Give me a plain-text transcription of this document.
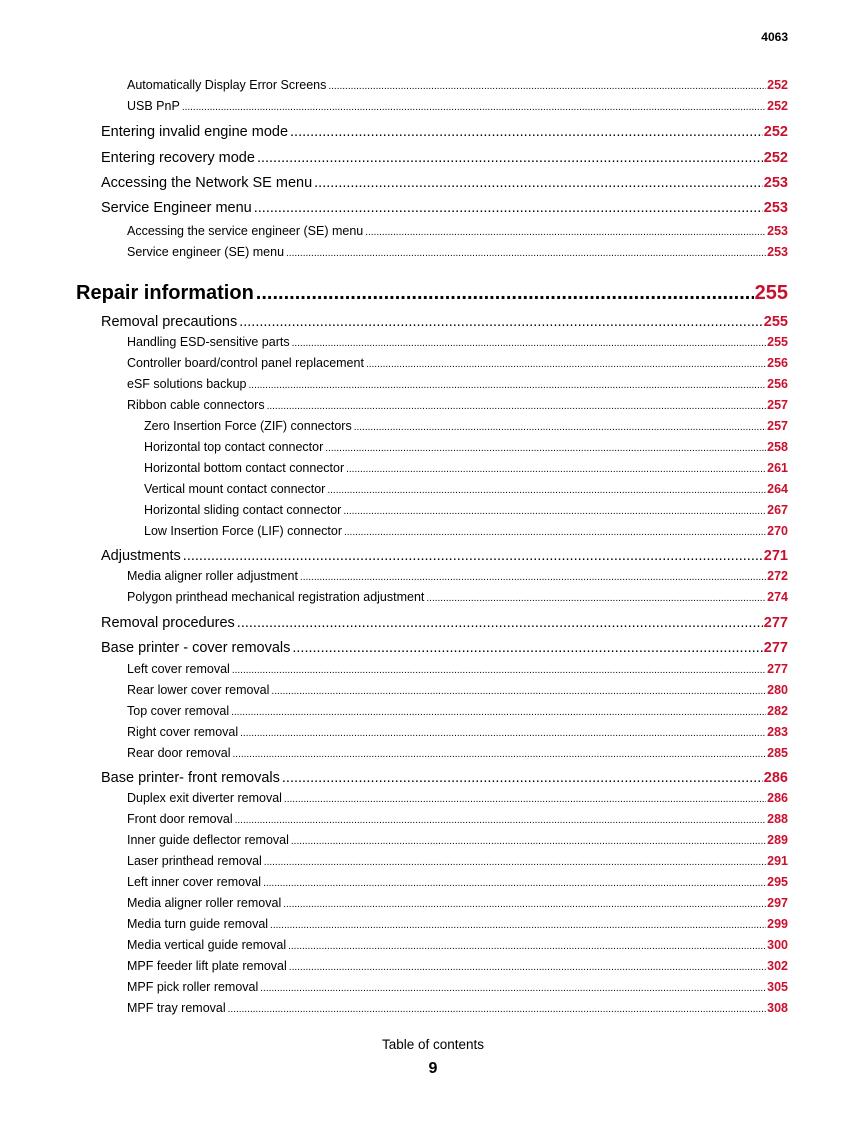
4063
Automatically Display Error Screens .....	252
USB PnP .....	252
Entering invalid engine mode .....	252
Entering recovery mode .....	252
Accessing the Network SE menu .....	253
Service Engineer menu .....	253
Accessing the service engineer (SE) menu .....	253
Service engineer (SE) menu .....	253
Repair information .....	255
Removal precautions .....	255
Handling ESD-sensitive parts .....	255
Controller board/control panel replacement .....	256
eSF solutions backup .....	256
Ribbon cable connectors .....	257
Zero Insertion Force (ZIF) connectors .....	257
Horizontal top contact connector .....	258
Horizontal bottom contact connector .....	261
Vertical mount contact connector .....	264
Horizontal sliding contact connector .....	267
Low Insertion Force (LIF) connector .....	270
Adjustments .....	271
Media aligner roller adjustment .....	272
Polygon printhead mechanical registration adjustment .....	274
Removal procedures .....	277
Base printer - cover removals .....	277
Left cover removal .....	277
Rear lower cover removal .....	280
Top cover removal .....	282
Right cover removal .....	283
Rear door removal .....	285
Base printer- front removals .....	286
Duplex exit diverter removal .....	286
Front door removal .....	288
Inner guide deflector removal .....	289
Laser printhead removal .....	291
Left inner cover removal .....	295
Media aligner roller removal .....	297
Media turn guide removal .....	299
Media vertical guide removal .....	300
MPF feeder lift plate removal .....	302
MPF pick roller removal .....	305
MPF tray removal .....	308
Table of contents
9
